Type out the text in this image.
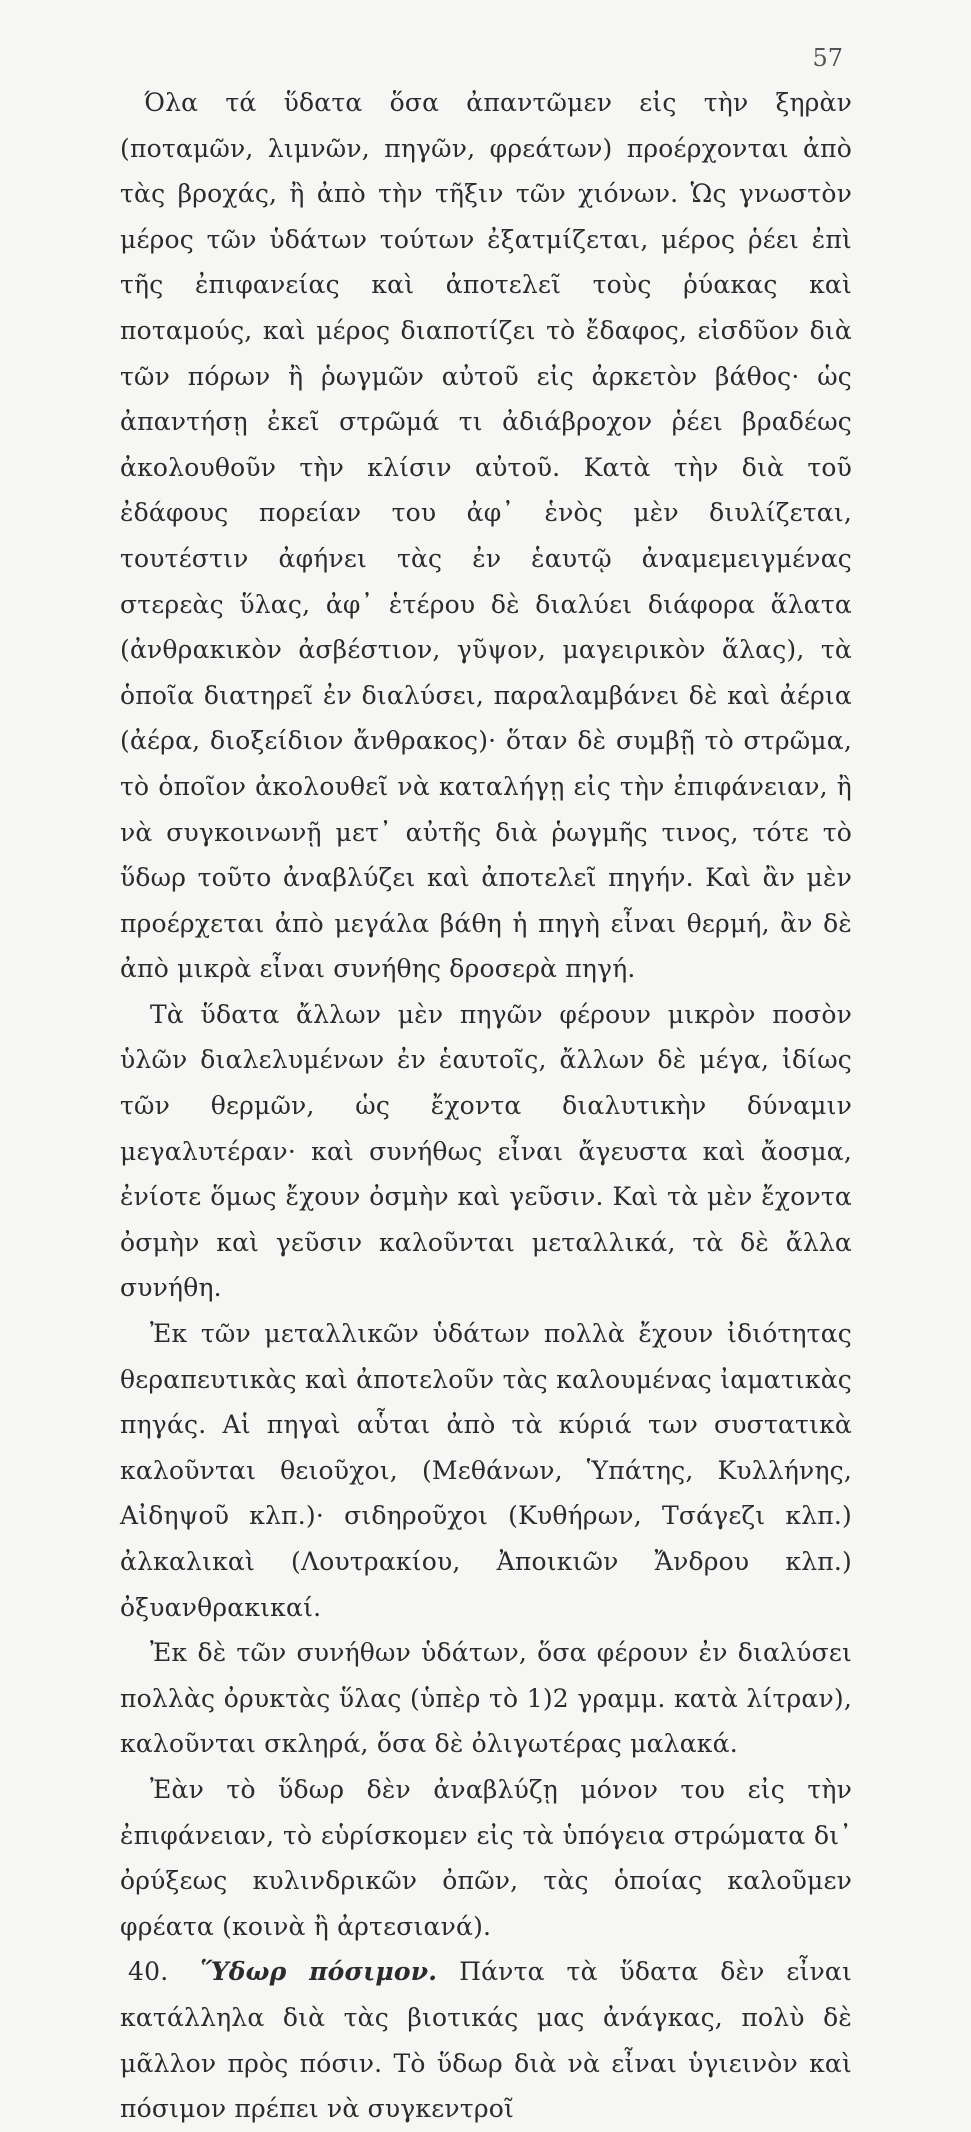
57

Όλα τά ὕδατα ὅσα ἀπαντῶμεν εἰς τὴν ξηρὰν (ποταμῶν, λιμνῶν, πηγῶν, φρεάτων) προέρχονται ἀπὸ τὰς βροχάς, ἢ ἀπὸ τὴν τῆξιν τῶν χιόνων. Ὡς γνωστὸν μέρος τῶν ὑδάτων τούτων ἐξατμίζεται, μέρος ῥέει ἐπὶ τῆς ἐπιφανείας καὶ ἀποτελεῖ τοὺς ῥύακας καὶ ποταμούς, καὶ μέρος διαποτίζει τὸ ἔδαφος, εἰσδῦον διὰ τῶν πόρων ἢ ῥωγμῶν αὐτοῦ εἰς ἀρκετὸν βάθος· ὡς ἀπαντήσῃ ἐκεῖ στρῶμά τι ἀδιάβροχον ῥέει βραδέως ἀκολουθοῦν τὴν κλίσιν αὐτοῦ. Κατὰ τὴν διὰ τοῦ ἐδάφους πορείαν του ἀφ᾿ ἑνὸς μὲν διυλίζεται, τουτέστιν ἀφήνει τὰς ἐν ἑαυτῷ ἀναμεμειγμένας στερεὰς ὕλας, ἀφ᾿ ἑτέρου δὲ διαλύει διάφορα ἅλατα (ἀνθρακικὸν ἀσβέστιον, γῦψον, μαγειρικὸν ἅλας), τὰ ὁποῖα διατηρεῖ ἐν διαλύσει, παραλαμβάνει δὲ καὶ ἀέρια (ἀέρα, διοξείδιον ἄνθρακος)· ὅταν δὲ συμβῇ τὸ στρῶμα, τὸ ὁποῖον ἀκολουθεῖ νὰ καταλήγῃ εἰς τὴν ἐπιφάνειαν, ἢ νὰ συγκοινωνῇ μετ᾿ αὐτῆς διὰ ῥωγμῆς τινος, τότε τὸ ὕδωρ τοῦτο ἀναβλύζει καὶ ἀποτελεῖ πηγήν. Καὶ ἂν μὲν προέρχεται ἀπὸ μεγάλα βάθη ἡ πηγὴ εἶναι θερμή, ἂν δὲ ἀπὸ μικρὰ εἶναι συνήθης δροσερὰ πηγή.

Τὰ ὕδατα ἄλλων μὲν πηγῶν φέρουν μικρὸν ποσὸν ὑλῶν διαλελυμένων ἐν ἑαυτοῖς, ἄλλων δὲ μέγα, ἰδίως τῶν θερμῶν, ὡς ἔχοντα διαλυτικὴν δύναμιν μεγαλυτέραν· καὶ συνήθως εἶναι ἄγευστα καὶ ἄοσμα, ἐνίοτε ὅμως ἔχουν ὀσμὴν καὶ γεῦσιν. Καὶ τὰ μὲν ἔχοντα ὀσμὴν καὶ γεῦσιν καλοῦνται μεταλλικά, τὰ δὲ ἄλλα συνήθη.

Ἐκ τῶν μεταλλικῶν ὑδάτων πολλὰ ἔχουν ἰδιότητας θεραπευτικὰς καὶ ἀποτελοῦν τὰς καλουμένας ἰαματικὰς πηγάς. Αἱ πηγαὶ αὗται ἀπὸ τὰ κύριά των συστατικὰ καλοῦνται θειοῦχοι, (Μεθάνων, Ὑπάτης, Κυλλήνης, Αἰδηψοῦ κλπ.)· σιδηροῦχοι (Κυθήρων, Τσάγεζι κλπ.) ἀλκαλικαὶ (Λουτρακίου, Ἀποικιῶν Ἄνδρου κλπ.) ὀξυανθρακικαί.

Ἐκ δὲ τῶν συνήθων ὑδάτων, ὅσα φέρουν ἐν διαλύσει πολλὰς ὀρυκτὰς ὕλας (ὑπὲρ τὸ 1)2 γραμμ. κατὰ λίτραν), καλοῦνται σκληρά, ὅσα δὲ ὀλιγωτέρας μαλακά.

Ἐὰν τὸ ὕδωρ δὲν ἀναβλύζῃ μόνον του εἰς τὴν ἐπιφάνειαν, τὸ εὑρίσκομεν εἰς τὰ ὑπόγεια στρώματα δι᾿ ὀρύξεως κυλινδρικῶν ὀπῶν, τὰς ὁποίας καλοῦμεν φρέατα (κοινὰ ἢ ἀρτεσιανά).

40. Ὕδωρ πόσιμον. Πάντα τὰ ὕδατα δὲν εἶναι κατάλληλα διὰ τὰς βιοτικάς μας ἀνάγκας, πολὺ δὲ μᾶλλον πρὸς πόσιν. Τὸ ὕδωρ διὰ νὰ εἶναι ὑγιεινὸν καὶ πόσιμον πρέπει νὰ συγκεντροῖ
